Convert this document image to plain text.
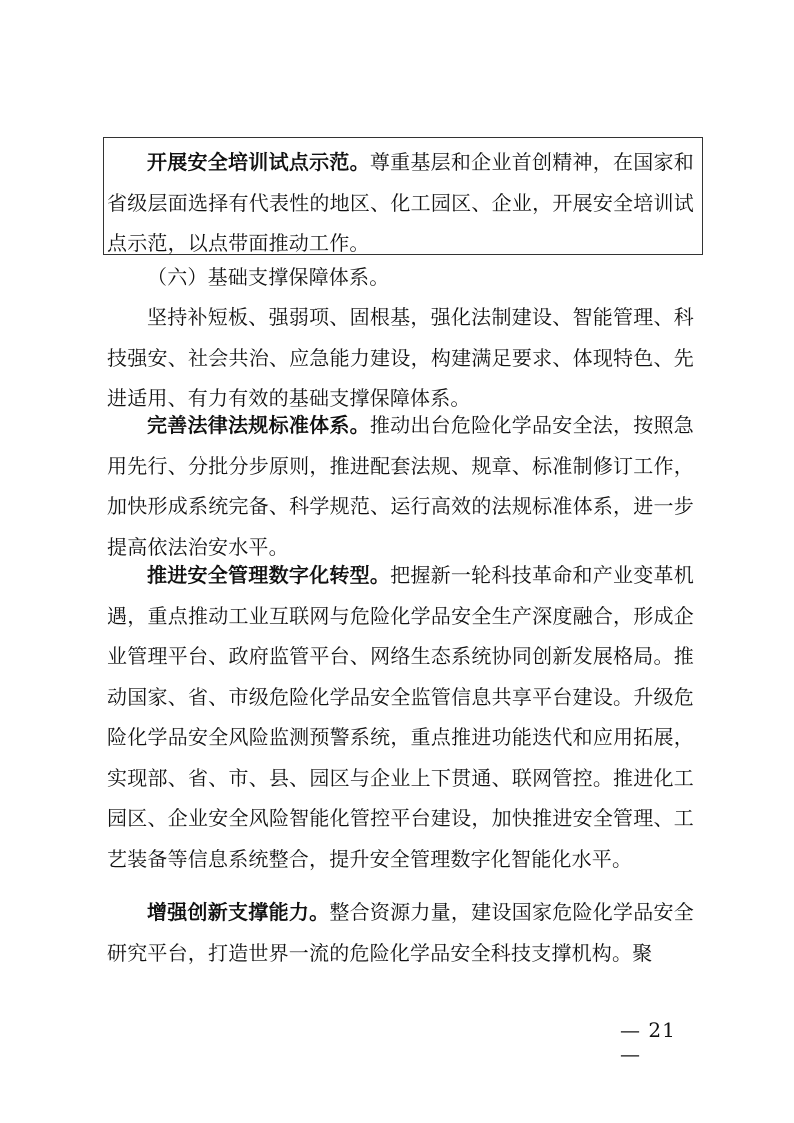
开展安全培训试点示范。尊重基层和企业首创精神，在国家和省级层面选择有代表性的地区、化工园区、企业，开展安全培训试点示范，以点带面推动工作。

（六）基础支撑保障体系。

坚持补短板、强弱项、固根基，强化法制建设、智能管理、科技强安、社会共治、应急能力建设，构建满足要求、体现特色、先进适用、有力有效的基础支撑保障体系。

完善法律法规标准体系。推动出台危险化学品安全法，按照急用先行、分批分步原则，推进配套法规、规章、标准制修订工作，加快形成系统完备、科学规范、运行高效的法规标准体系，进一步提高依法治安水平。

推进安全管理数字化转型。把握新一轮科技革命和产业变革机遇，重点推动工业互联网与危险化学品安全生产深度融合，形成企业管理平台、政府监管平台、网络生态系统协同创新发展格局。推动国家、省、市级危险化学品安全监管信息共享平台建设。升级危险化学品安全风险监测预警系统，重点推进功能迭代和应用拓展，实现部、省、市、县、园区与企业上下贯通、联网管控。推进化工园区、企业安全风险智能化管控平台建设，加快推进安全管理、工艺装备等信息系统整合，提升安全管理数字化智能化水平。

增强创新支撑能力。整合资源力量，建设国家危险化学品安全研究平台，打造世界一流的危险化学品安全科技支撑机构。聚

— 21 —
